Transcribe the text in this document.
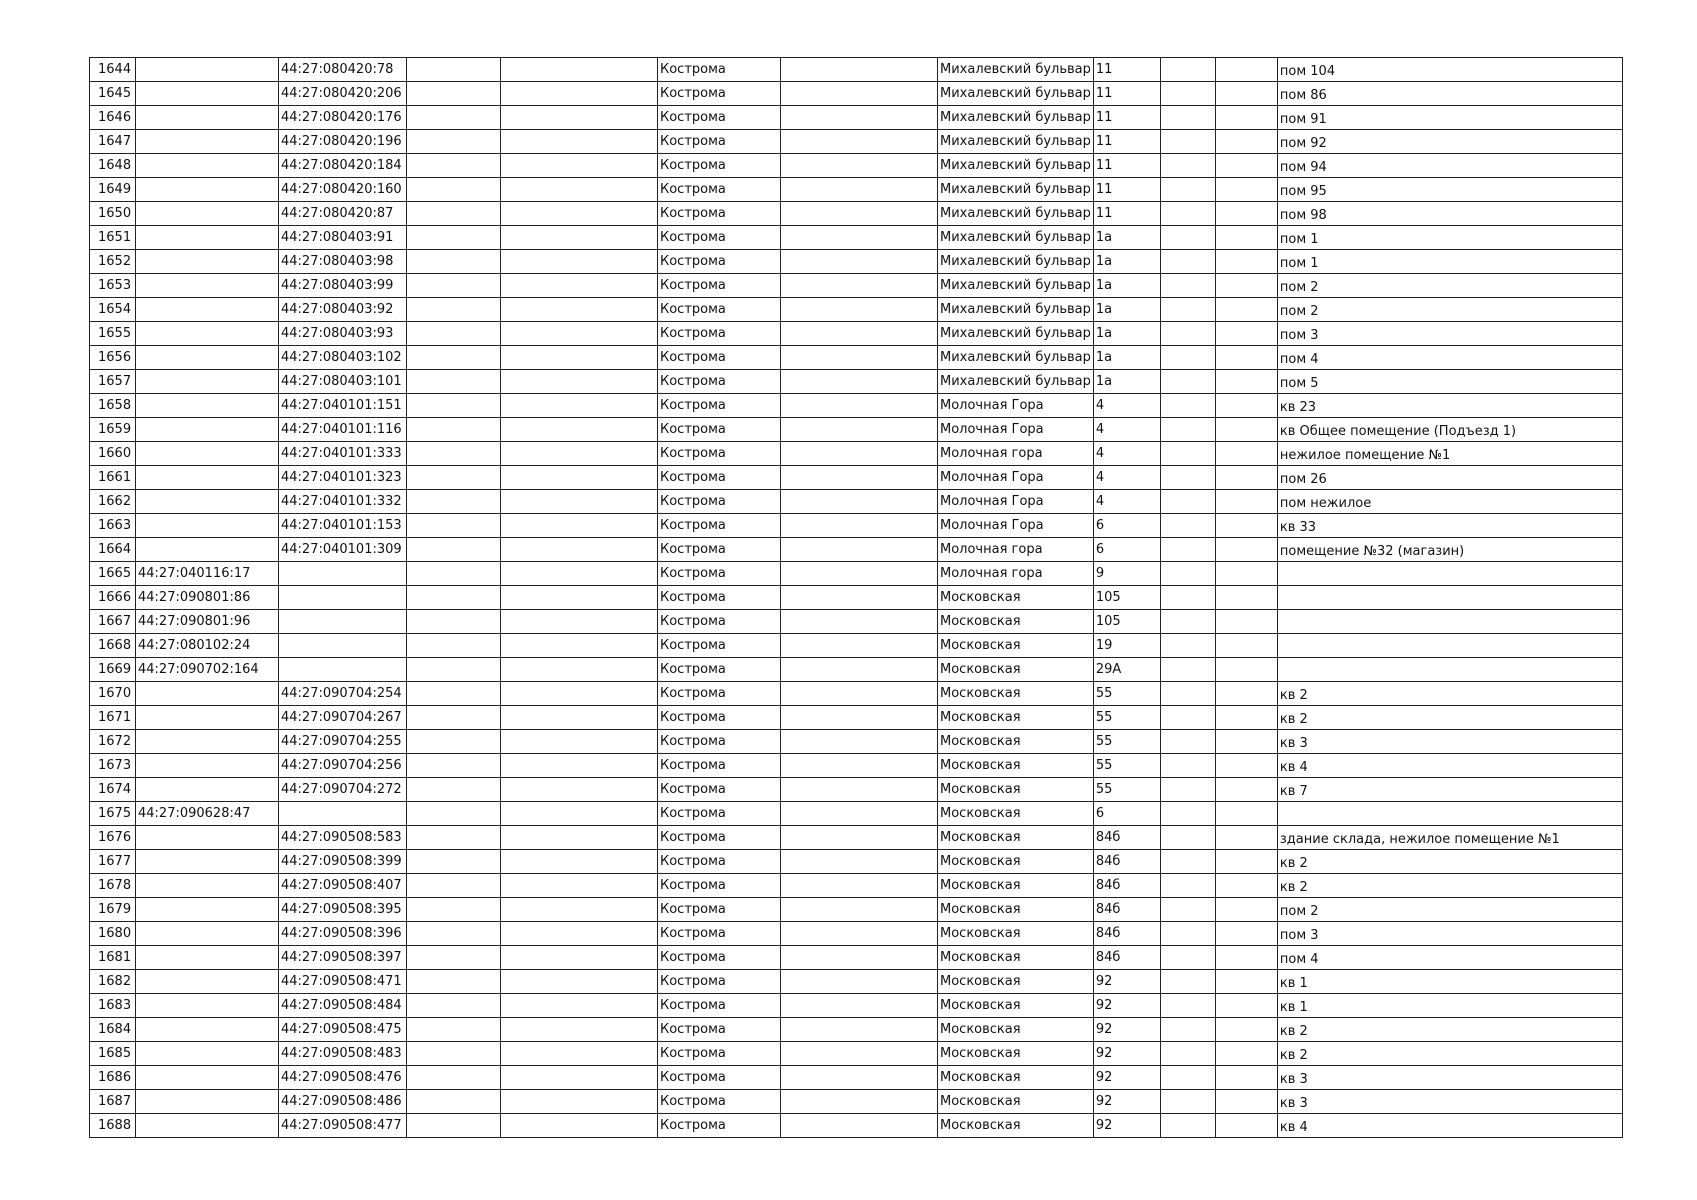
1644		44:27:080420:78			Кострома		Михалевский бульвар	11			пом 104
1645		44:27:080420:206			Кострома		Михалевский бульвар	11			пом 86
1646		44:27:080420:176			Кострома		Михалевский бульвар	11			пом 91
1647		44:27:080420:196			Кострома		Михалевский бульвар	11			пом 92
1648		44:27:080420:184			Кострома		Михалевский бульвар	11			пом 94
1649		44:27:080420:160			Кострома		Михалевский бульвар	11			пом 95
1650		44:27:080420:87			Кострома		Михалевский бульвар	11			пом 98
1651		44:27:080403:91			Кострома		Михалевский бульвар	1а			пом 1
1652		44:27:080403:98			Кострома		Михалевский бульвар	1а			пом 1
1653		44:27:080403:99			Кострома		Михалевский бульвар	1а			пом 2
1654		44:27:080403:92			Кострома		Михалевский бульвар	1а			пом 2
1655		44:27:080403:93			Кострома		Михалевский бульвар	1а			пом 3
1656		44:27:080403:102			Кострома		Михалевский бульвар	1а			пом 4
1657		44:27:080403:101			Кострома		Михалевский бульвар	1а			пом 5
1658		44:27:040101:151			Кострома		Молочная Гора	4			кв 23
1659		44:27:040101:116			Кострома		Молочная Гора	4			кв Общее помещение (Подъезд 1)
1660		44:27:040101:333			Кострома		Молочная гора	4			нежилое помещение №1
1661		44:27:040101:323			Кострома		Молочная Гора	4			пом 26
1662		44:27:040101:332			Кострома		Молочная Гора	4			пом нежилое
1663		44:27:040101:153			Кострома		Молочная Гора	6			кв 33
1664		44:27:040101:309			Кострома		Молочная гора	6			помещение №32 (магазин)
1665	44:27:040116:17				Кострома		Молочная гора	9			
1666	44:27:090801:86				Кострома		Московская	105			
1667	44:27:090801:96				Кострома		Московская	105			
1668	44:27:080102:24				Кострома		Московская	19			
1669	44:27:090702:164				Кострома		Московская	29А			
1670		44:27:090704:254			Кострома		Московская	55			кв 2
1671		44:27:090704:267			Кострома		Московская	55			кв 2
1672		44:27:090704:255			Кострома		Московская	55			кв 3
1673		44:27:090704:256			Кострома		Московская	55			кв 4
1674		44:27:090704:272			Кострома		Московская	55			кв 7
1675	44:27:090628:47				Кострома		Московская	6			
1676		44:27:090508:583			Кострома		Московская	84б			здание склада, нежилое помещение №1
1677		44:27:090508:399			Кострома		Московская	84б			кв 2
1678		44:27:090508:407			Кострома		Московская	84б			кв 2
1679		44:27:090508:395			Кострома		Московская	84б			пом 2
1680		44:27:090508:396			Кострома		Московская	84б			пом 3
1681		44:27:090508:397			Кострома		Московская	84б			пом 4
1682		44:27:090508:471			Кострома		Московская	92			кв 1
1683		44:27:090508:484			Кострома		Московская	92			кв 1
1684		44:27:090508:475			Кострома		Московская	92			кв 2
1685		44:27:090508:483			Кострома		Московская	92			кв 2
1686		44:27:090508:476			Кострома		Московская	92			кв 3
1687		44:27:090508:486			Кострома		Московская	92			кв 3
1688		44:27:090508:477			Кострома		Московская	92			кв 4
